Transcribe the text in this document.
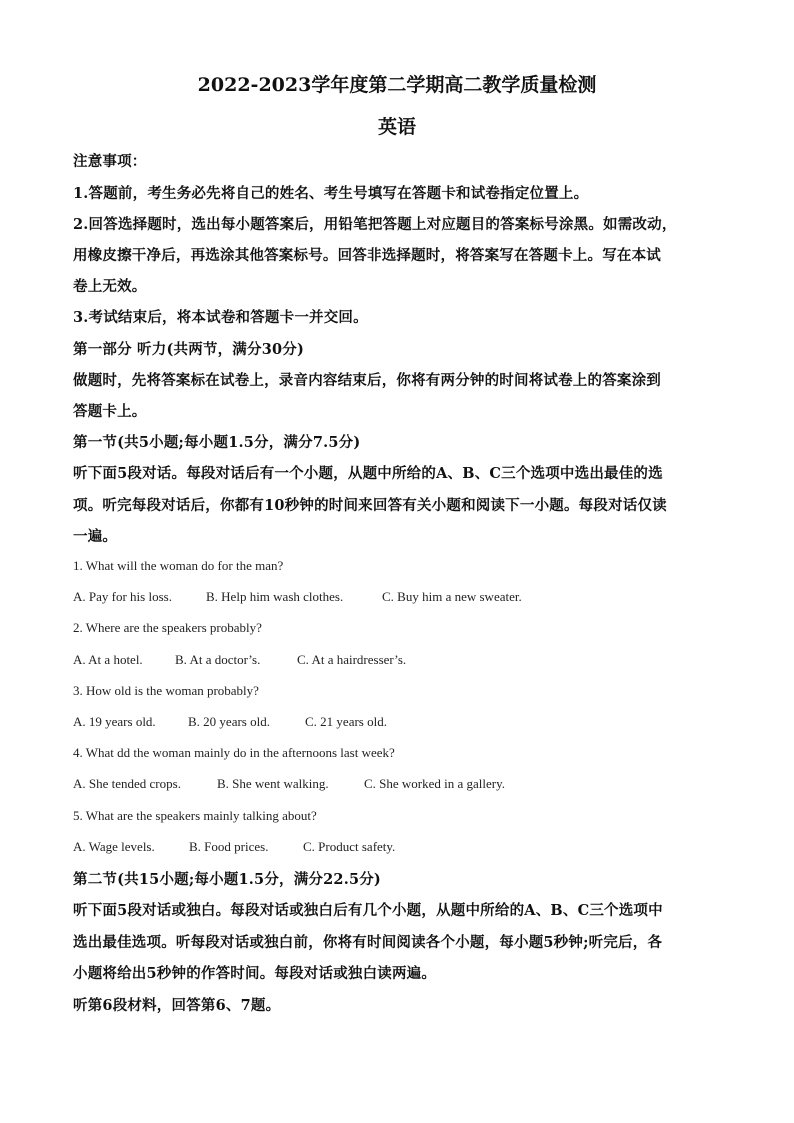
2022-2023学年度第二学期高二教学质量检测
英语
注意事项：
1.答题前，考生务必先将自己的姓名、考生号填写在答题卡和试卷指定位置上。
2.回答选择题时，选出每小题答案后，用铅笔把答题上对应题目的答案标号涂黑。如需改动，
用橡皮擦干净后，再选涂其他答案标号。回答非选择题时，将答案写在答题卡上。写在本试
卷上无效。
3.考试结束后，将本试卷和答题卡一并交回。
第一部分 听力(共两节，满分30分)
做题时，先将答案标在试卷上，录音内容结束后，你将有两分钟的时间将试卷上的答案涂到
答题卡上。
第一节(共5小题;每小题1.5分，满分7.5分)
听下面5段对话。每段对话后有一个小题，从题中所给的A、B、C三个选项中选出最佳的选
项。听完每段对话后，你都有10秒钟的时间来回答有关小题和阅读下一小题。每段对话仅读
一遍。
1. What will the woman do for the man?
A. Pay for his loss.	B. Help him wash clothes.	C. Buy him a new sweater.
2. Where are the speakers probably?
A. At a hotel. B. At a doctor’s.	C. At a hairdresser’s.
3. How old is the woman probably?
A. 19 years old. B. 20 years old.	C. 21 years old.
4. What dd the woman mainly do in the afternoons last week?
A. She tended crops.	B. She went walking.	C. She worked in a gallery.
5. What are the speakers mainly talking about?
A. Wage levels.	B. Food prices.	C. Product safety.
第二节(共15小题;每小题1.5分，满分22.5分)
听下面5段对话或独白。每段对话或独白后有几个小题，从题中所给的A、B、C三个选项中
选出最佳选项。听每段对话或独白前，你将有时间阅读各个小题，每小题5秒钟;听完后，各
小题将给出5秒钟的作答时间。每段对话或独白读两遍。
听第6段材料，回答第6、7题。
